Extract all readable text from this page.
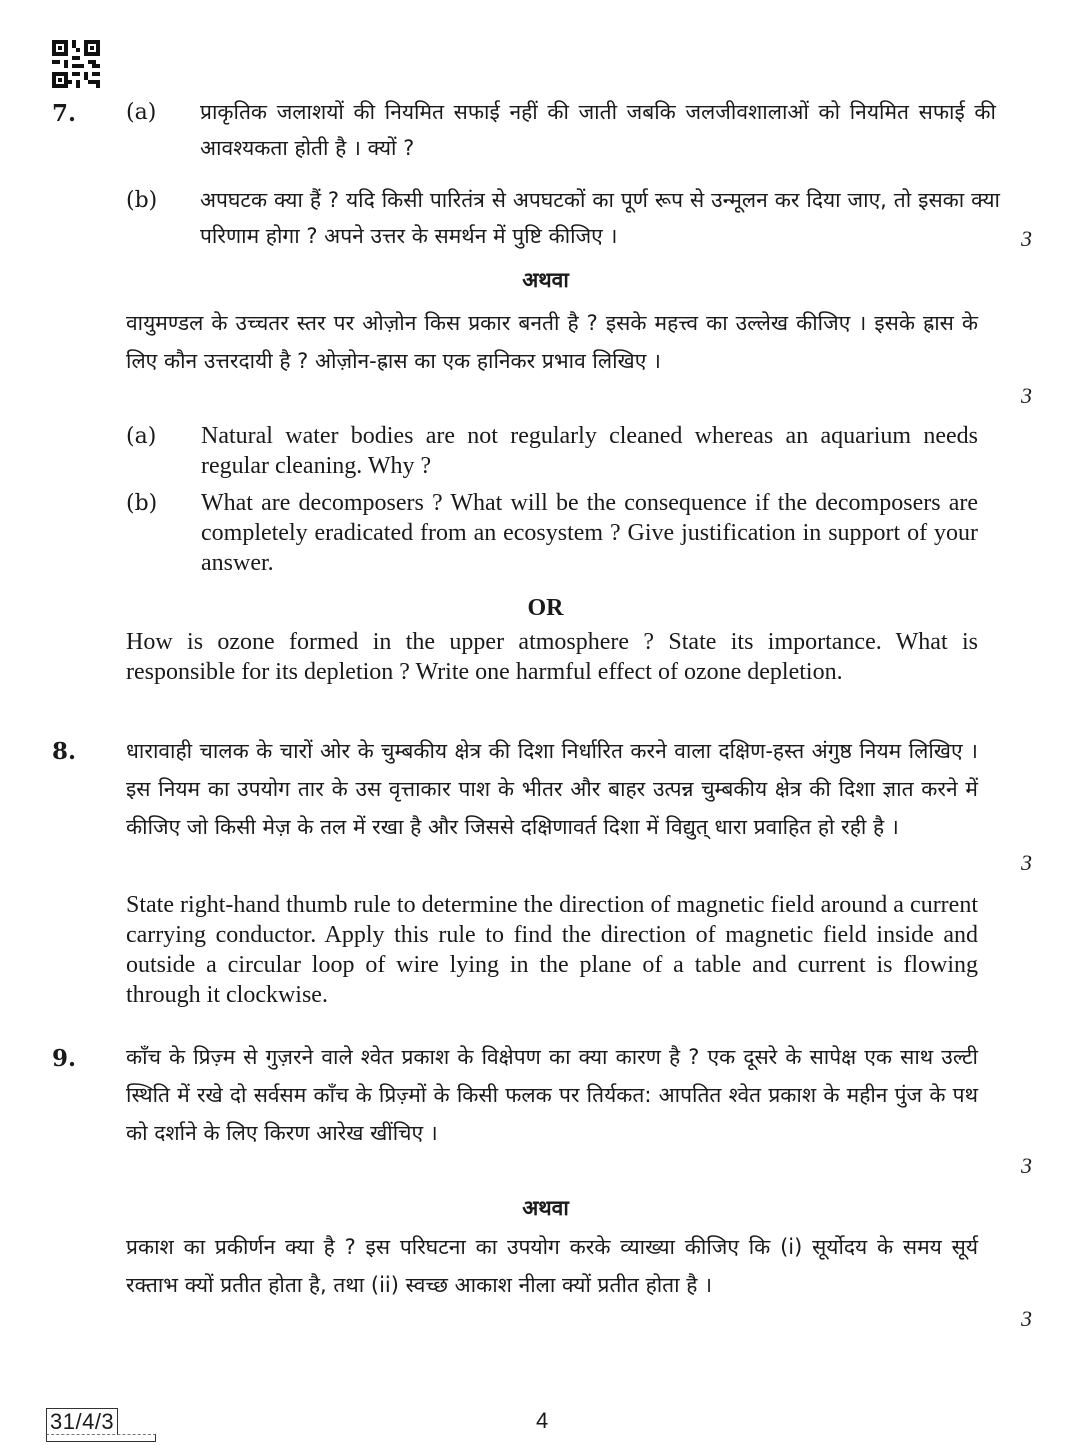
7. (a) प्राकृतिक जलाशयों की नियमित सफाई नहीं की जाती जबकि जलजीवशालाओं को नियमित सफाई की आवश्यकता होती है । क्यों ?
(b) अपघटक क्या हैं ? यदि किसी पारितंत्र से अपघटकों का पूर्ण रूप से उन्मूलन कर दिया जाए, तो इसका क्या परिणाम होगा ? अपने उत्तर के समर्थन में पुष्टि कीजिए ।	3
अथवा
वायुमण्डल के उच्चतर स्तर पर ओज़ोन किस प्रकार बनती है ? इसके महत्त्व का उल्लेख कीजिए । इसके ह्रास के लिए कौन उत्तरदायी है ? ओज़ोन-ह्रास का एक हानिकर प्रभाव लिखिए ।
3
(a) Natural water bodies are not regularly cleaned whereas an aquarium needs regular cleaning. Why ?
(b) What are decomposers ? What will be the consequence if the decomposers are completely eradicated from an ecosystem ? Give justification in support of your answer.
OR
How is ozone formed in the upper atmosphere ? State its importance. What is responsible for its depletion ? Write one harmful effect of ozone depletion.
8. धारावाही चालक के चारों ओर के चुम्बकीय क्षेत्र की दिशा निर्धारित करने वाला दक्षिण-हस्त अंगुष्ठ नियम लिखिए । इस नियम का उपयोग तार के उस वृत्ताकार पाश के भीतर और बाहर उत्पन्न चुम्बकीय क्षेत्र की दिशा ज्ञात करने में कीजिए जो किसी मेज़ के तल में रखा है और जिससे दक्षिणावर्त दिशा में विद्युत् धारा प्रवाहित हो रही है ।
3
State right-hand thumb rule to determine the direction of magnetic field around a current carrying conductor. Apply this rule to find the direction of magnetic field inside and outside a circular loop of wire lying in the plane of a table and current is flowing through it clockwise.
9. काँच के प्रिज़्म से गुज़रने वाले श्वेत प्रकाश के विक्षेपण का क्या कारण है ? एक दूसरे के सापेक्ष एक साथ उल्टी स्थिति में रखे दो सर्वसम काँच के प्रिज़्मों के किसी फलक पर तिर्यकत: आपतित श्वेत प्रकाश के महीन पुंज के पथ को दर्शाने के लिए किरण आरेख खींचिए ।
3
अथवा
प्रकाश का प्रकीर्णन क्या है ? इस परिघटना का उपयोग करके व्याख्या कीजिए कि (i) सूर्योदय के समय सूर्य रक्ताभ क्यों प्रतीत होता है, तथा (ii) स्वच्छ आकाश नीला क्यों प्रतीत होता है ।
3
31/4/3	4
